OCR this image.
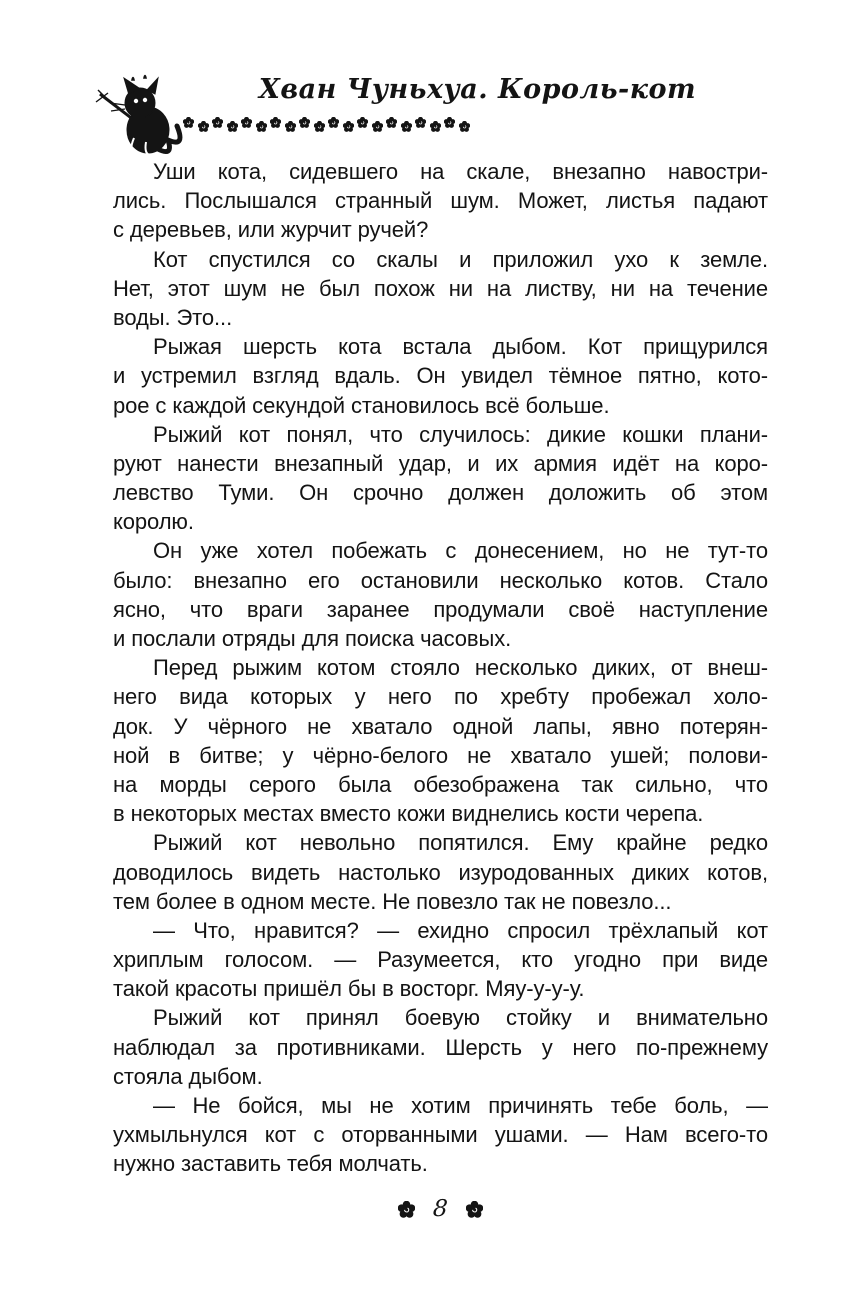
Хван Чуньхуа. Король-кот
Уши кота, сидевшего на скале, внезапно навостри-
лись. Послышался странный шум. Может, листья падают
с деревьев, или журчит ручей?
Кот спустился со скалы и приложил ухо к земле.
Нет, этот шум не был похож ни на листву, ни на течение
воды. Это...
Рыжая шерсть кота встала дыбом. Кот прищурился
и устремил взгляд вдаль. Он увидел тёмное пятно, кото-
рое с каждой секундой становилось всё больше.
Рыжий кот понял, что случилось: дикие кошки плани-
руют нанести внезапный удар, и их армия идёт на коро-
левство Туми. Он срочно должен доложить об этом
королю.
Он уже хотел побежать с донесением, но не тут-то
было: внезапно его остановили несколько котов. Стало
ясно, что враги заранее продумали своё наступление
и послали отряды для поиска часовых.
Перед рыжим котом стояло несколько диких, от внеш-
него вида которых у него по хребту пробежал холо-
док. У чёрного не хватало одной лапы, явно потерян-
ной в битве; у чёрно-белого не хватало ушей; полови-
на морды серого была обезображена так сильно, что
в некоторых местах вместо кожи виднелись кости черепа.
Рыжий кот невольно попятился. Ему крайне редко
доводилось видеть настолько изуродованных диких котов,
тем более в одном месте. Не повезло так не повезло...
— Что, нравится? — ехидно спросил трёхлапый кот
хриплым голосом. — Разумеется, кто угодно при виде
такой красоты пришёл бы в восторг. Мяу-у-у-у.
Рыжий кот принял боевую стойку и внимательно
наблюдал за противниками. Шерсть у него по-прежнему
стояла дыбом.
— Не бойся, мы не хотим причинять тебе боль, —
ухмыльнулся кот с оторванными ушами. — Нам всего-то
нужно заставить тебя молчать.
8
